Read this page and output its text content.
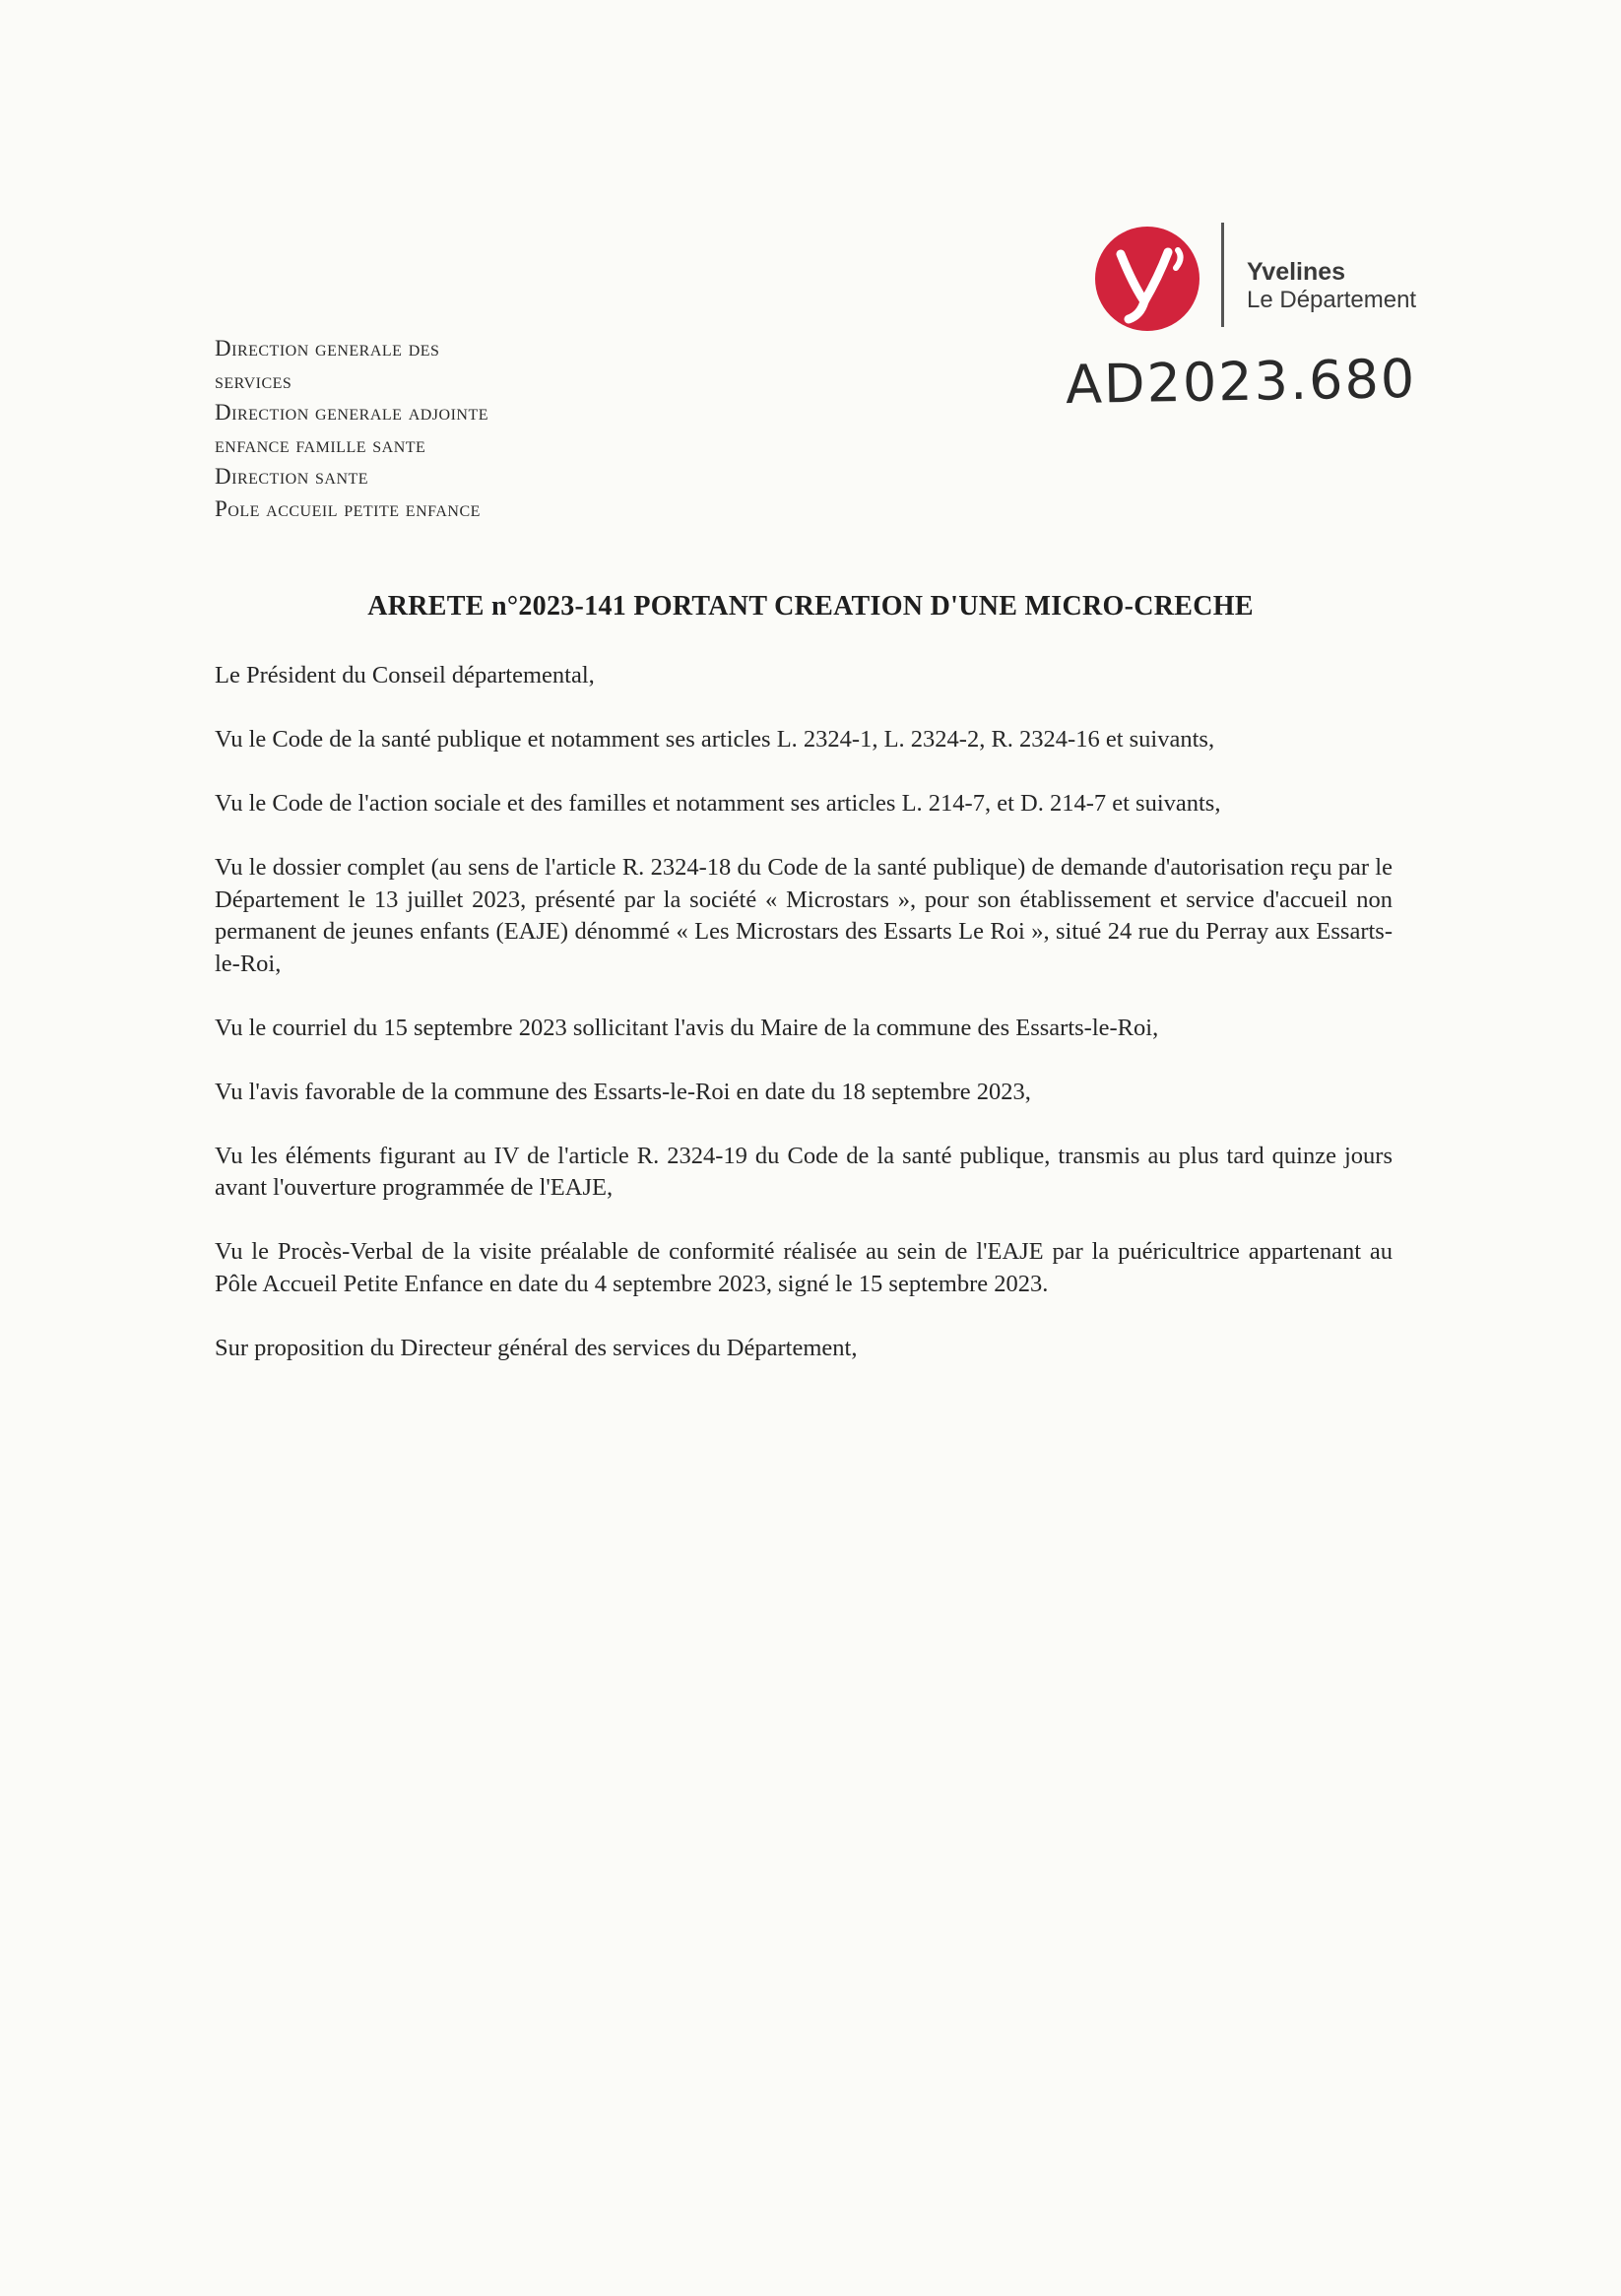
Yvelines
Le Département
AD2023.680
Direction generale des
services
Direction generale adjointe
enfance famille sante
Direction sante
Pole accueil petite enfance
ARRETE n°2023-141 PORTANT CREATION D'UNE MICRO-CRECHE

Le Président du Conseil départemental,

Vu le Code de la santé publique et notamment ses articles L. 2324-1, L. 2324-2, R. 2324-16 et suivants,

Vu le Code de l'action sociale et des familles et notamment ses articles L. 214-7, et D. 214-7 et suivants,

Vu le dossier complet (au sens de l'article R. 2324-18 du Code de la santé publique) de demande d'autorisation reçu par le Département le 13 juillet 2023, présenté par la société « Microstars », pour son établissement et service d'accueil non permanent de jeunes enfants (EAJE) dénommé « Les Microstars des Essarts Le Roi », situé 24 rue du Perray aux Essarts-le-Roi,

Vu le courriel du 15 septembre 2023 sollicitant l'avis du Maire de la commune des Essarts-le-Roi,

Vu l'avis favorable de la commune des Essarts-le-Roi en date du 18 septembre 2023,

Vu les éléments figurant au IV de l'article R. 2324-19 du Code de la santé publique, transmis au plus tard quinze jours avant l'ouverture programmée de l'EAJE,

Vu le Procès-Verbal de la visite préalable de conformité réalisée au sein de l'EAJE par la puéricultrice appartenant au Pôle Accueil Petite Enfance en date du 4 septembre 2023, signé le 15 septembre 2023.

Sur proposition du Directeur général des services du Département,
